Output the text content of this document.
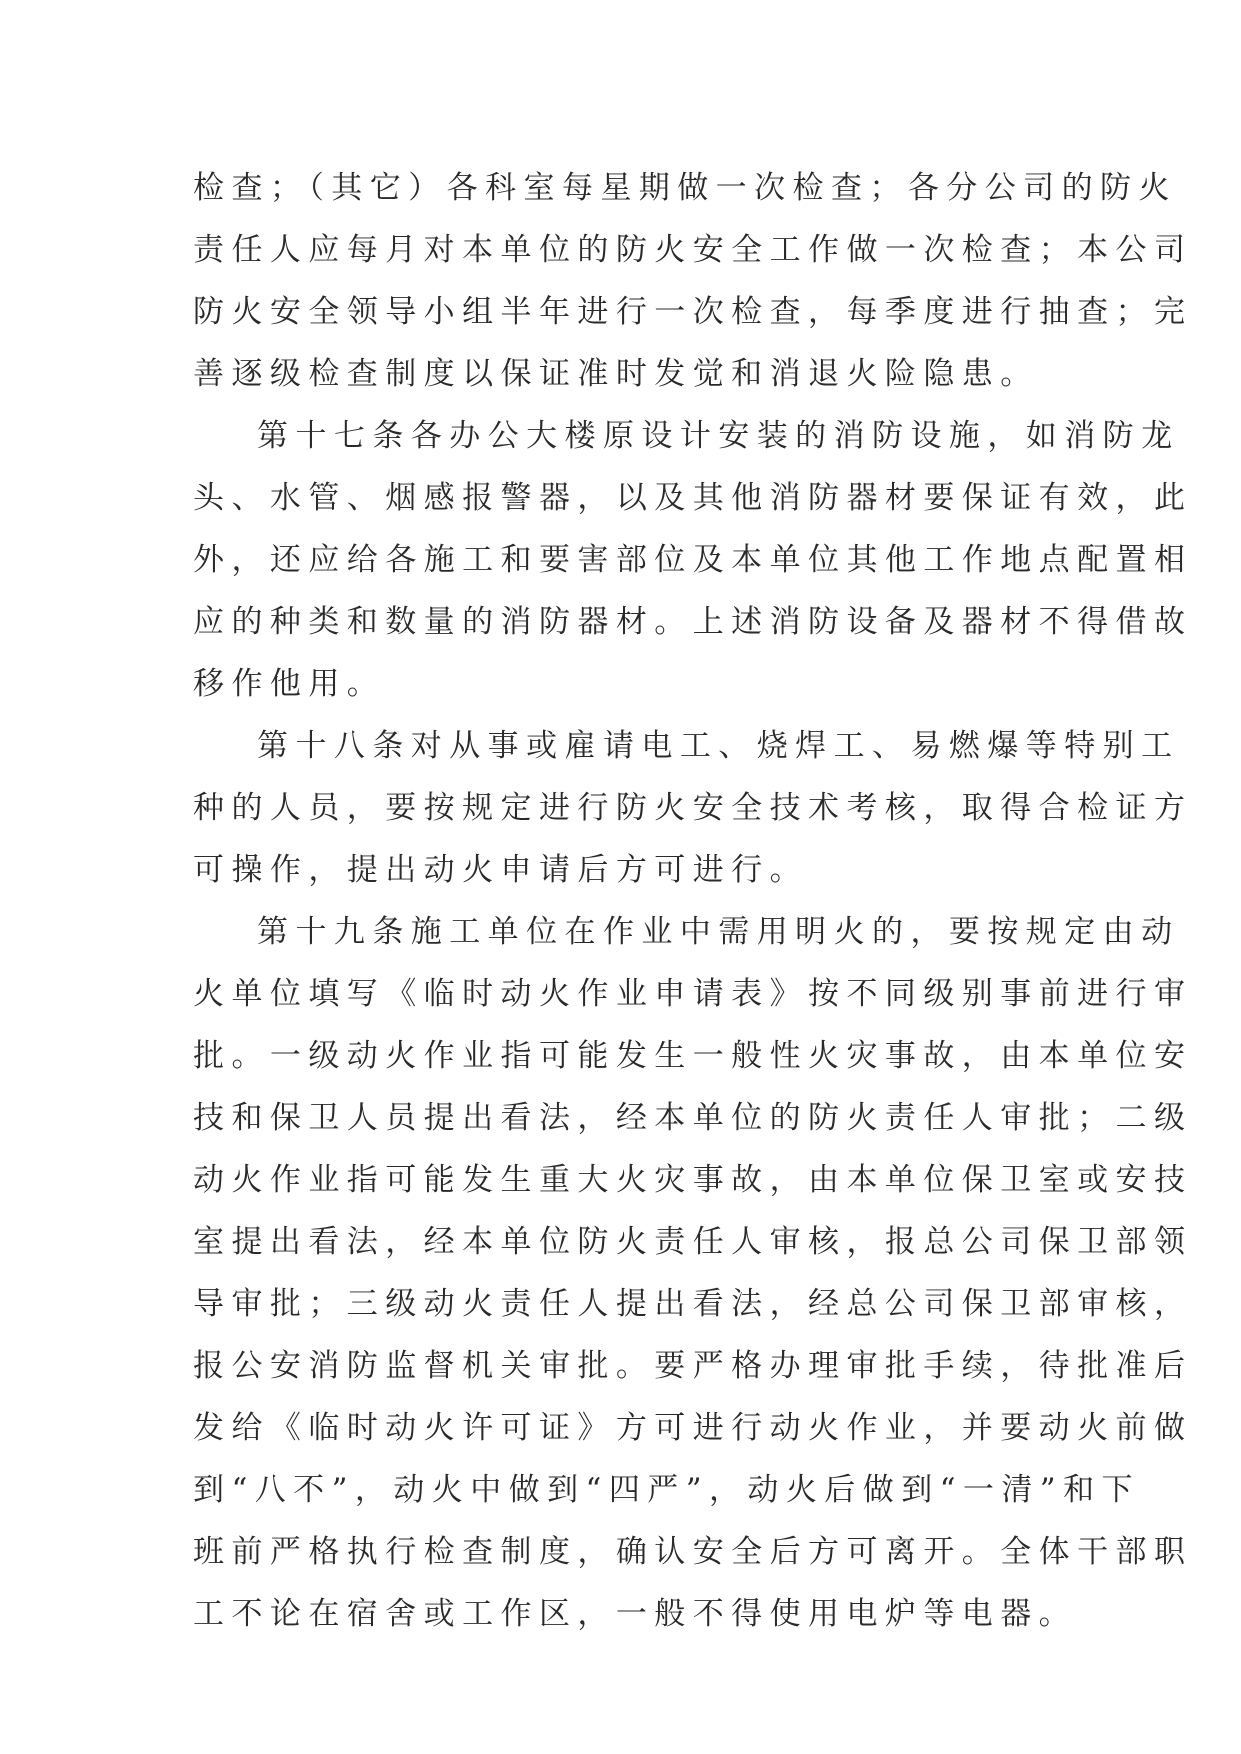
检查；（其它）各科室每星期做一次检查；各分公司的防火
责任人应每月对本单位的防火安全工作做一次检查；本公司
防火安全领导小组半年进行一次检查，每季度进行抽查；完
善逐级检查制度以保证准时发觉和消退火险隐患。
第十七条各办公大楼原设计安装的消防设施，如消防龙
头、水管、烟感报警器，以及其他消防器材要保证有效，此
外，还应给各施工和要害部位及本单位其他工作地点配置相
应的种类和数量的消防器材。上述消防设备及器材不得借故
移作他用。
第十八条对从事或雇请电工、烧焊工、易燃爆等特别工
种的人员，要按规定进行防火安全技术考核，取得合检证方
可操作，提出动火申请后方可进行。
第十九条施工单位在作业中需用明火的，要按规定由动
火单位填写《临时动火作业申请表》按不同级别事前进行审
批。一级动火作业指可能发生一般性火灾事故，由本单位安
技和保卫人员提出看法，经本单位的防火责任人审批；二级
动火作业指可能发生重大火灾事故，由本单位保卫室或安技
室提出看法，经本单位防火责任人审核，报总公司保卫部领
导审批；三级动火责任人提出看法，经总公司保卫部审核，
报公安消防监督机关审批。要严格办理审批手续，待批准后
发给《临时动火许可证》方可进行动火作业，并要动火前做
到“八不”，动火中做到“四严”，动火后做到“一清”和下
班前严格执行检查制度，确认安全后方可离开。全体干部职
工不论在宿舍或工作区，一般不得使用电炉等电器。
